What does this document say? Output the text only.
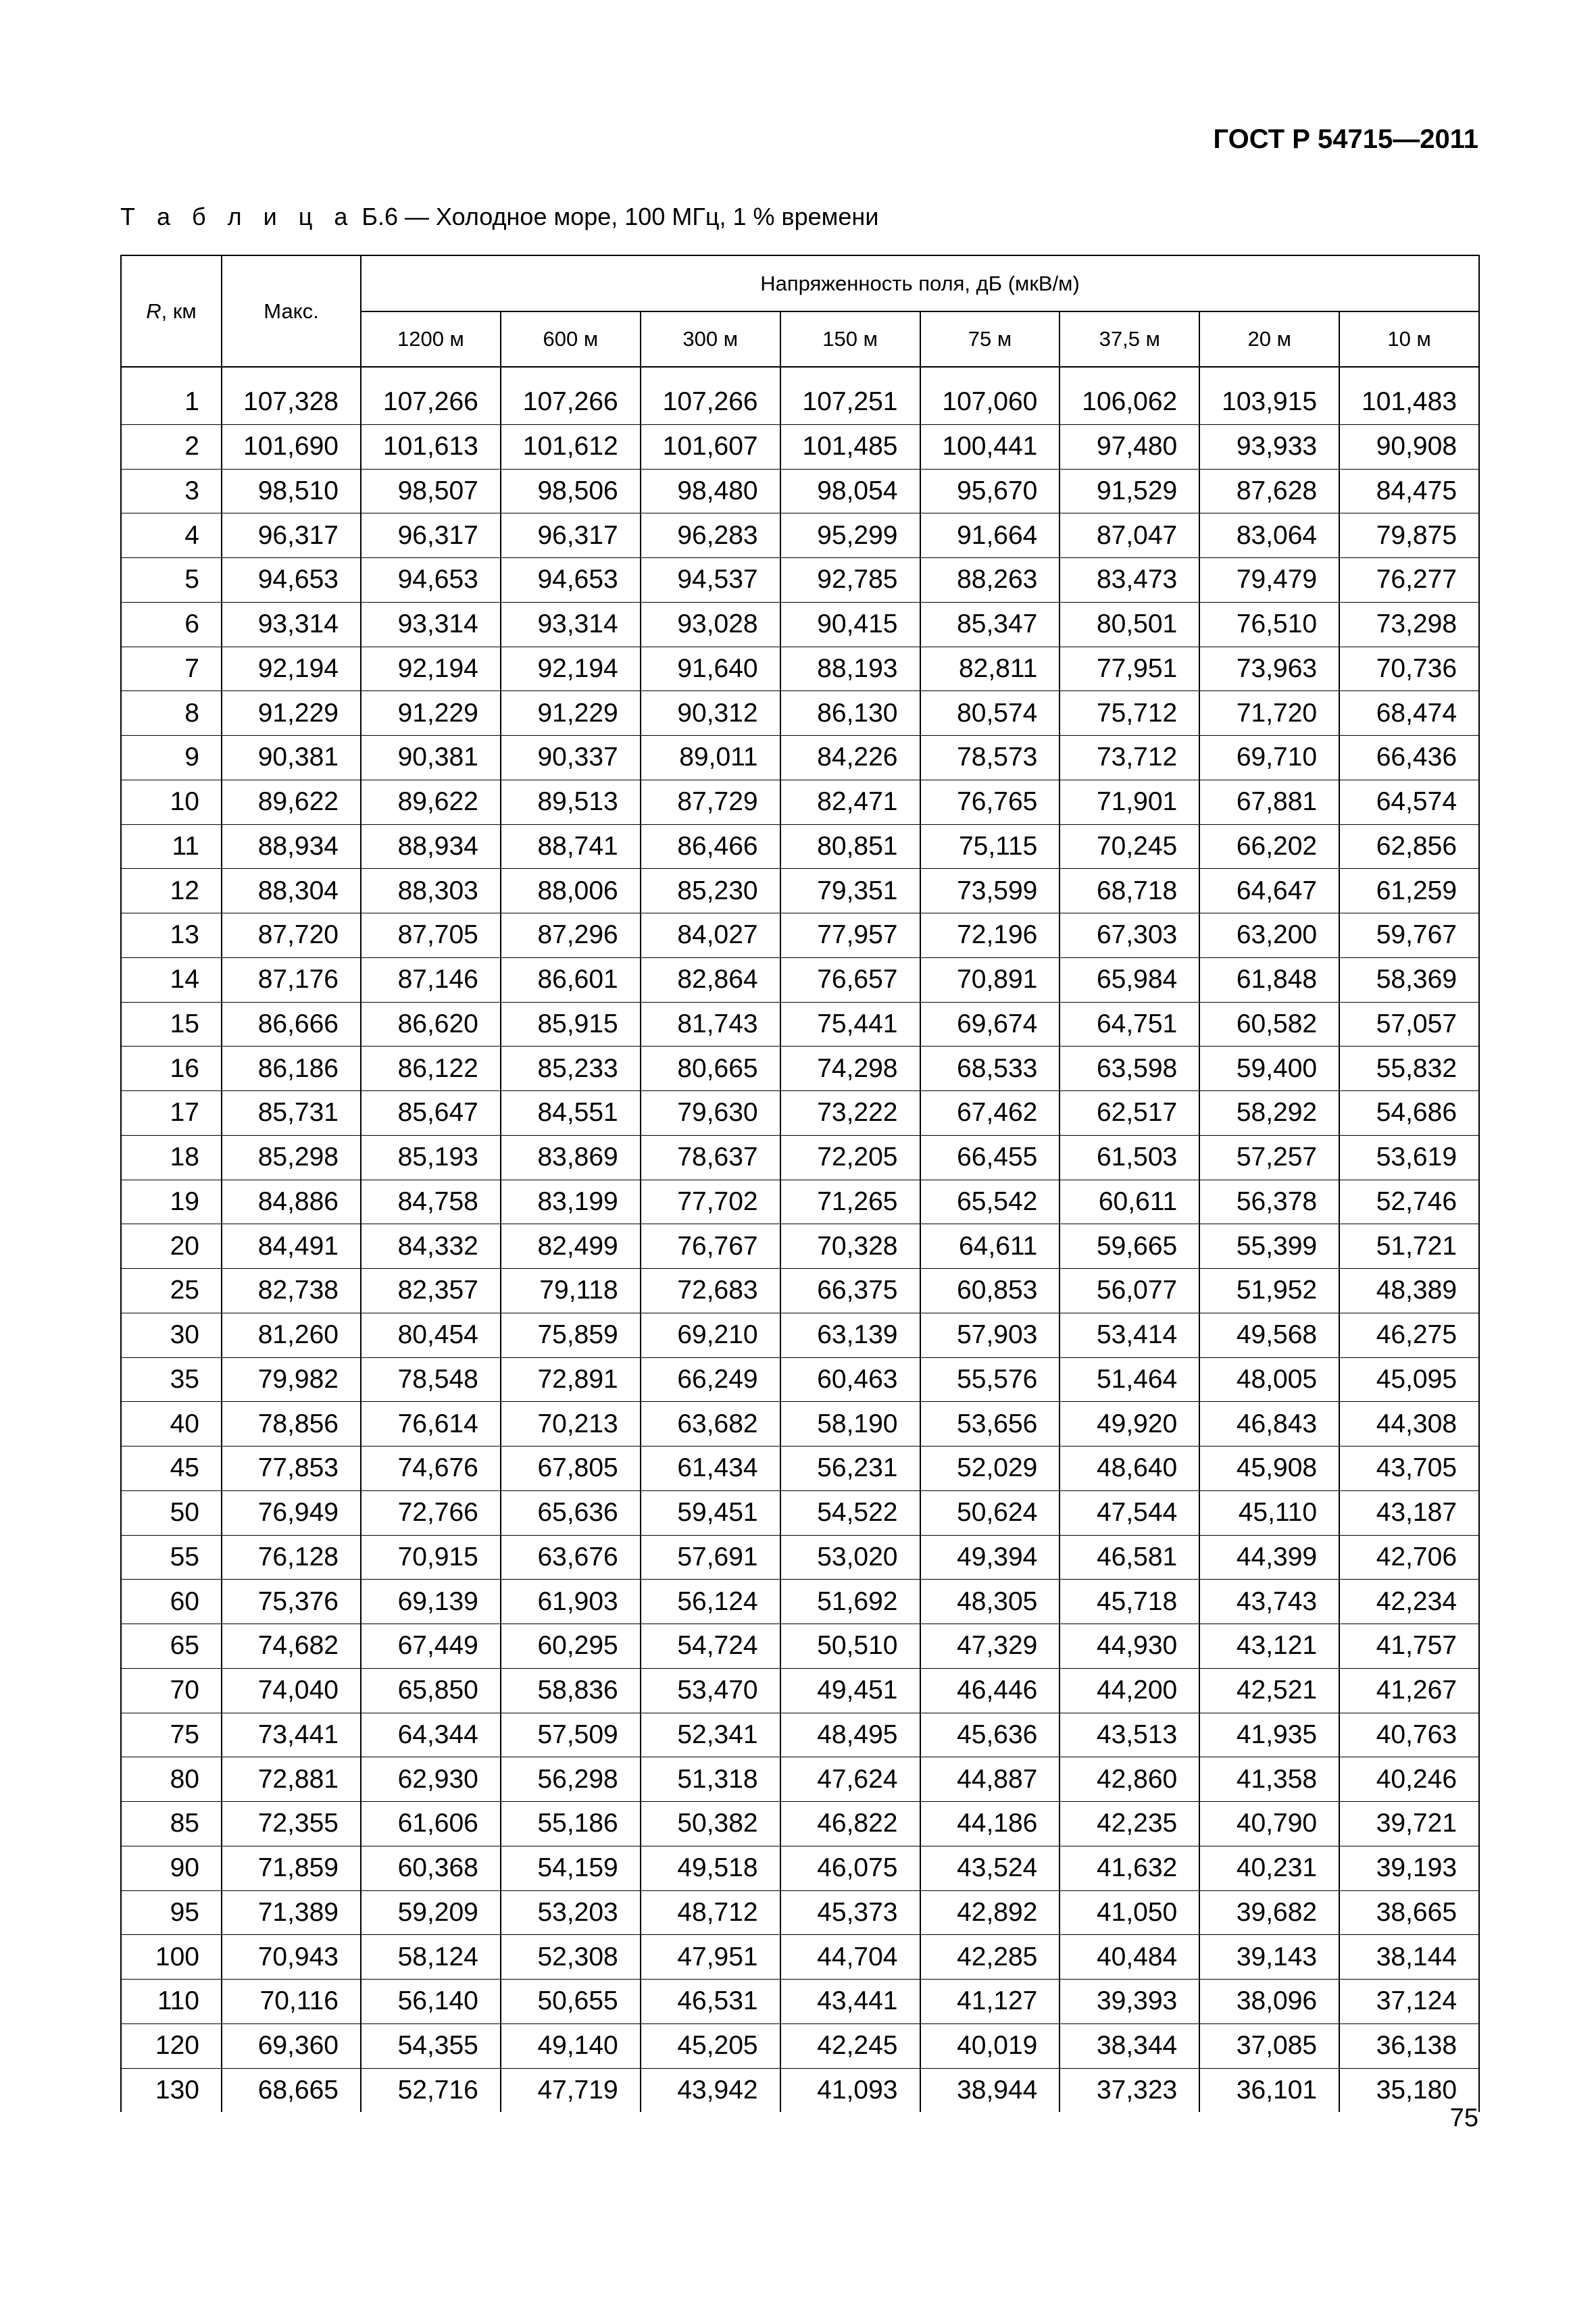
ГОСТ Р 54715—2011
Т а б л и ц а Б.6 — Холодное море, 100 МГц, 1 % времени
R, км	Макс.	Напряженность поля, дБ (мкВ/м)							
		1200 м	600 м	300 м	150 м	75 м	37,5 м	20 м	10 м

1	107,328	107,266	107,266	107,266	107,251	107,060	106,062	103,915	101,483
2	101,690	101,613	101,612	101,607	101,485	100,441	97,480	93,933	90,908
3	98,510	98,507	98,506	98,480	98,054	95,670	91,529	87,628	84,475
4	96,317	96,317	96,317	96,283	95,299	91,664	87,047	83,064	79,875
5	94,653	94,653	94,653	94,537	92,785	88,263	83,473	79,479	76,277
6	93,314	93,314	93,314	93,028	90,415	85,347	80,501	76,510	73,298
7	92,194	92,194	92,194	91,640	88,193	82,811	77,951	73,963	70,736
8	91,229	91,229	91,229	90,312	86,130	80,574	75,712	71,720	68,474
9	90,381	90,381	90,337	89,011	84,226	78,573	73,712	69,710	66,436
10	89,622	89,622	89,513	87,729	82,471	76,765	71,901	67,881	64,574
11	88,934	88,934	88,741	86,466	80,851	75,115	70,245	66,202	62,856
12	88,304	88,303	88,006	85,230	79,351	73,599	68,718	64,647	61,259
13	87,720	87,705	87,296	84,027	77,957	72,196	67,303	63,200	59,767
14	87,176	87,146	86,601	82,864	76,657	70,891	65,984	61,848	58,369
15	86,666	86,620	85,915	81,743	75,441	69,674	64,751	60,582	57,057
16	86,186	86,122	85,233	80,665	74,298	68,533	63,598	59,400	55,832
17	85,731	85,647	84,551	79,630	73,222	67,462	62,517	58,292	54,686
18	85,298	85,193	83,869	78,637	72,205	66,455	61,503	57,257	53,619
19	84,886	84,758	83,199	77,702	71,265	65,542	60,611	56,378	52,746
20	84,491	84,332	82,499	76,767	70,328	64,611	59,665	55,399	51,721
25	82,738	82,357	79,118	72,683	66,375	60,853	56,077	51,952	48,389
30	81,260	80,454	75,859	69,210	63,139	57,903	53,414	49,568	46,275
35	79,982	78,548	72,891	66,249	60,463	55,576	51,464	48,005	45,095
40	78,856	76,614	70,213	63,682	58,190	53,656	49,920	46,843	44,308
45	77,853	74,676	67,805	61,434	56,231	52,029	48,640	45,908	43,705
50	76,949	72,766	65,636	59,451	54,522	50,624	47,544	45,110	43,187
55	76,128	70,915	63,676	57,691	53,020	49,394	46,581	44,399	42,706
60	75,376	69,139	61,903	56,124	51,692	48,305	45,718	43,743	42,234
65	74,682	67,449	60,295	54,724	50,510	47,329	44,930	43,121	41,757
70	74,040	65,850	58,836	53,470	49,451	46,446	44,200	42,521	41,267
75	73,441	64,344	57,509	52,341	48,495	45,636	43,513	41,935	40,763
80	72,881	62,930	56,298	51,318	47,624	44,887	42,860	41,358	40,246
85	72,355	61,606	55,186	50,382	46,822	44,186	42,235	40,790	39,721
90	71,859	60,368	54,159	49,518	46,075	43,524	41,632	40,231	39,193
95	71,389	59,209	53,203	48,712	45,373	42,892	41,050	39,682	38,665
100	70,943	58,124	52,308	47,951	44,704	42,285	40,484	39,143	38,144
110	70,116	56,140	50,655	46,531	43,441	41,127	39,393	38,096	37,124
120	69,360	54,355	49,140	45,205	42,245	40,019	38,344	37,085	36,138
130	68,665	52,716	47,719	43,942	41,093	38,944	37,323	36,101	35,180
75
